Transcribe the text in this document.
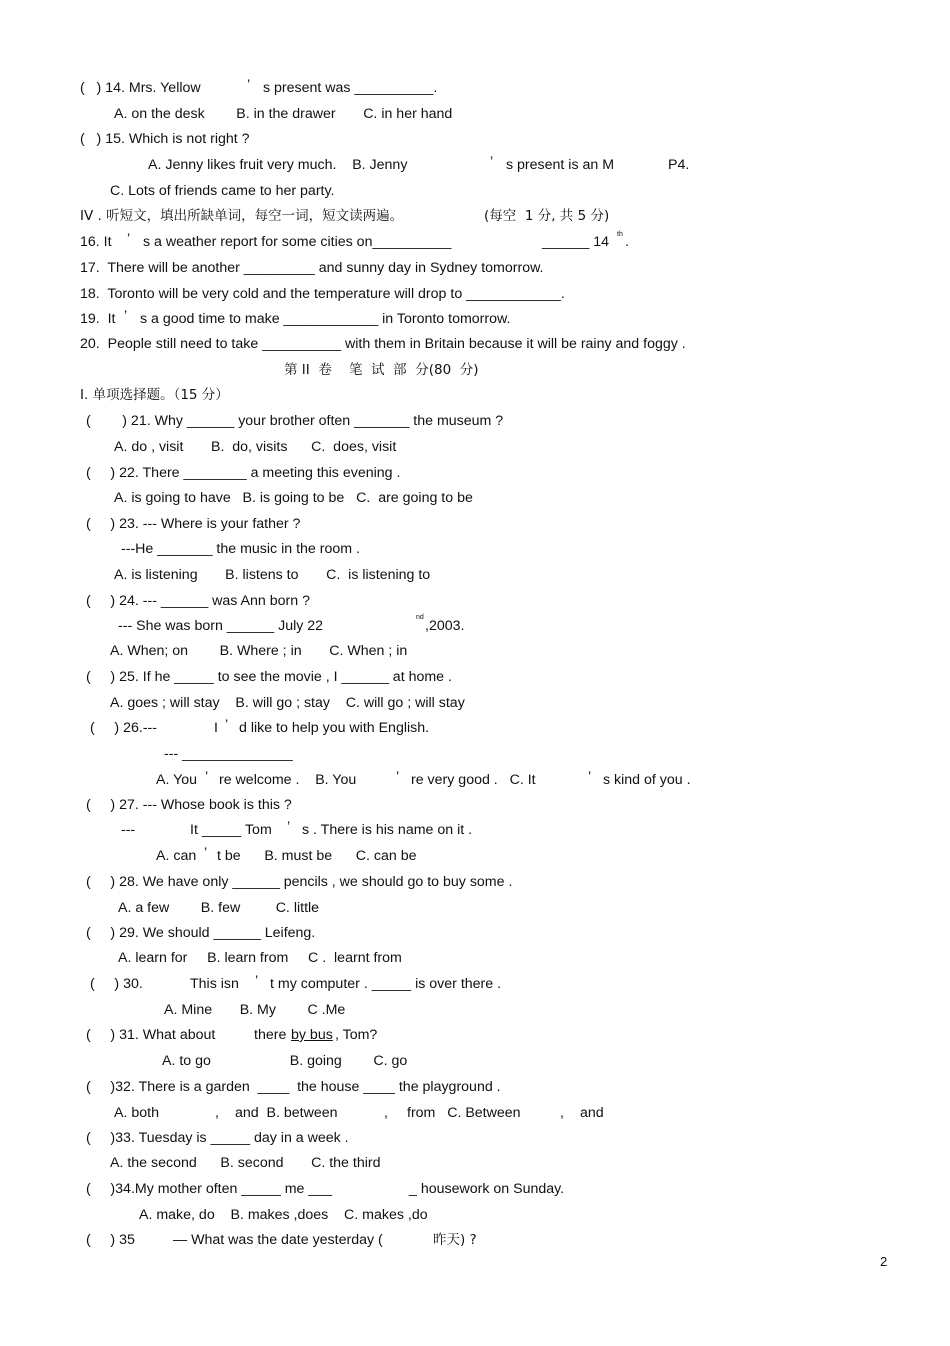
(   ) 14. Mrs. Yellow	’ s present was __________.
A. on the desk        B. in the drawer       C. in her hand
(   ) 15. Which is not right ?
A. Jenny likes fruit very much.    B. Jenny	’ s present is an M	P4.
C. Lots of friends came to her party.
IV . 听短文，填出所缺单词，每空一词，短文读两遍。	(每空  1 分, 共 5 分)
16. It ’ s a weather report for some cities on__________	______ 14 th .
17.  There will be another _________ and sunny day in Sydney tomorrow.
18.  Toronto will be very cold and the temperature will drop to ____________.
19.  It ’ s a good time to make ____________ in Toronto tomorrow.
20.  People still need to take __________ with them in Britain because it will be rainy and foggy .
第 II  卷    笔  试  部  分(80  分)
Ⅰ. 单项选择题。（15 分）
(        ) 21. Why ______ your brother often _______ the museum ?
A. do , visit       B.  do, visits      C.  does, visit
(     ) 22. There ________ a meeting this evening .
A. is going to have   B. is going to be   C.  are going to be
(     ) 23. --- Where is your father ?
---He _______ the music in the room .
A. is listening       B. listens to       C.  is listening to
(     ) 24. --- ______ was Ann born ?
--- She was born ______ July 22
nd
,2003.
A. When; on        B. Where ; in       C. When ; in
(     ) 25. If he _____ to see the movie , I ______ at home .
A. goes ; will stay    B. will go ; stay    C. will go ; will stay
(     ) 26.---	I ’ d like to help you with English.
--- ______________
A. You ’ re welcome .    B. You	’ re very good .   C. It	’ s kind of you .
(     ) 27. --- Whose book is this ?
---	It _____ Tom ’ s . There is his name on it .
A. can ’ t be      B. must be      C. can be
(     ) 28. We have only ______ pencils , we should go to buy some .
A. a few        B. few         C. little
(     ) 29. We should ______ Leifeng.
A. learn for     B. learn from     C .  learnt from
(     ) 30.	This isn ’ t my computer . _____ is over there .
A. Mine       B. My        C .Me
(     ) 31. What about	there by bus , Tom?
A. to go                    B. going        C. go
(     )32. There is a garden  ____  the house ____ the playground .
A. both	, and  B. between	, from   C. Between	, and
(     )33. Tuesday is _____ day in a week .
A. the second      B. second       C. the third
(     )34.My mother often _____ me ___	_ housework on Sunday.
A. make, do    B. makes ,does    C. makes ,do
(     ) 35	— What was the date yesterday (	昨天) ?
2
